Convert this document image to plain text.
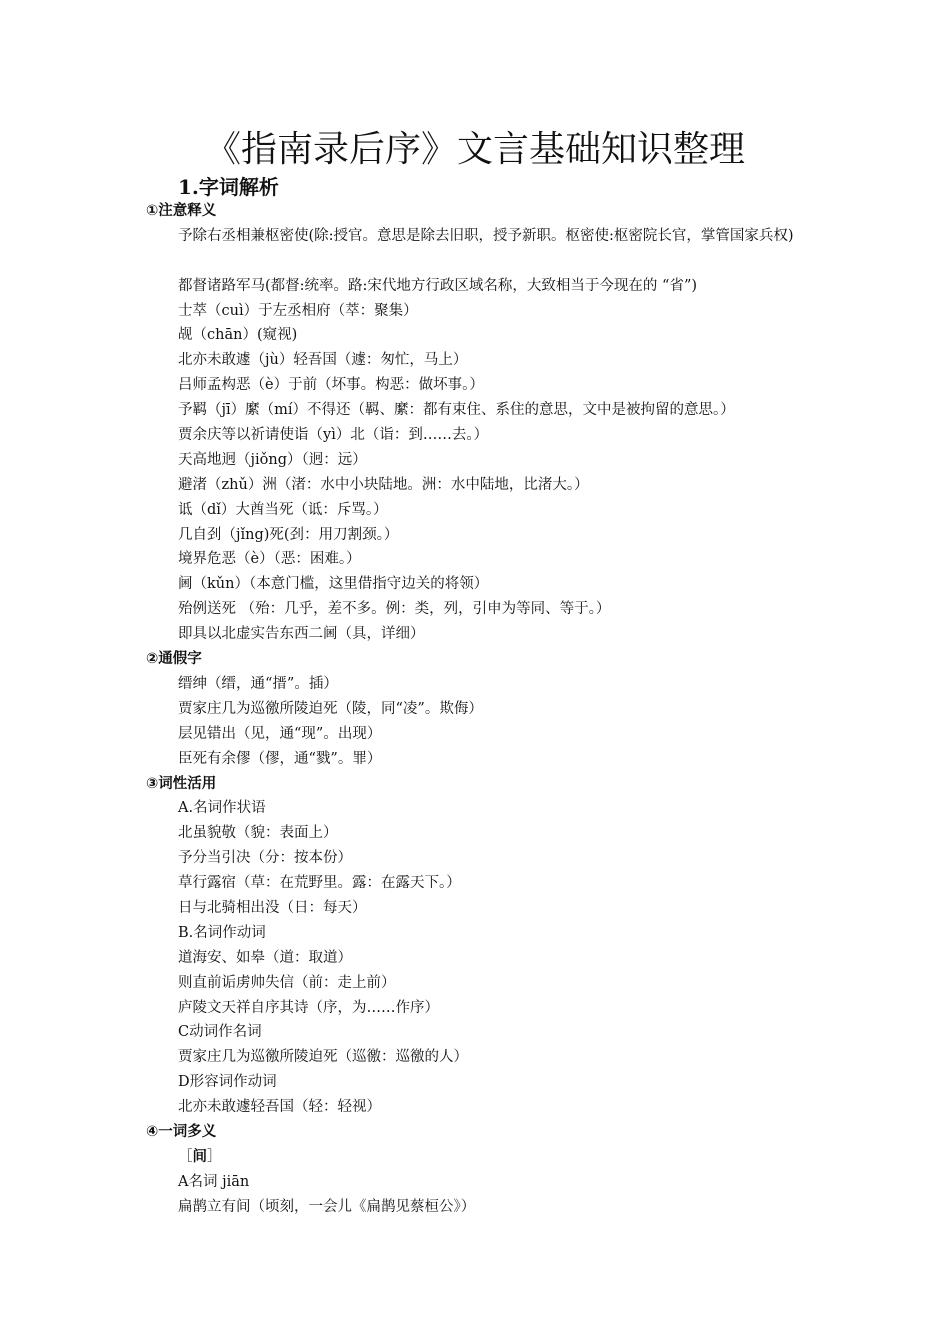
《指南录后序》文言基础知识整理
1.字词解析
①注意释义
予除右丞相兼枢密使(除:授官。意思是除去旧职，授予新职。枢密使:枢密院长官，掌管国家兵权)
都督诸路军马(都督:统率。路:宋代地方行政区域名称，大致相当于今现在的 “省”)
士萃（cuì）于左丞相府（萃：聚集）
觇（chān）(窥视)
北亦未敢遽（jù）轻吾国（遽：匆忙，马上）
吕师孟构恶（è）于前（坏事。构恶：做坏事。）
予羁（jī）縻（mí）不得还（羁、縻：都有束住、系住的意思，文中是被拘留的意思。）
贾余庆等以祈请使诣（yì）北（诣：到……去。）
天高地迥（jiǒng）（迥：远）
避渚（zhǔ）洲（渚：水中小块陆地。洲：水中陆地，比渚大。）
诋（dǐ）大酋当死（诋：斥骂。）
几自刭（jǐng)死(刭：用刀割颈。）
境界危恶（è）（恶：困难。）
阃（kǔn）（本意门槛，这里借指守边关的将领）
殆例送死 （殆：几乎，差不多。例：类，列，引申为等同、等于。）
即具以北虚实告东西二阃（具，详细）
②通假字
缙绅（缙，通“搢”。插）
贾家庄几为巡徼所陵迫死（陵，同“凌”。欺侮）
层见错出（见，通“现”。出现）
臣死有余僇（僇，通“戮”。罪）
③词性活用
A.名词作状语
北虽貌敬（貌：表面上）
予分当引决（分：按本份）
草行露宿（草：在荒野里。露：在露天下。）
日与北骑相出没（日：每天）
B.名词作动词
道海安、如皋（道：取道）
则直前诟虏帅失信（前：走上前）
庐陵文天祥自序其诗（序，为……作序）
C动词作名词
贾家庄几为巡徼所陵迫死（巡徼：巡徼的人）
D形容词作动词
北亦未敢遽轻吾国（轻：轻视）
④一词多义
［间］
A名词 jiān
扁鹊立有间（顷刻，一会儿《扁鹊见蔡桓公》）
